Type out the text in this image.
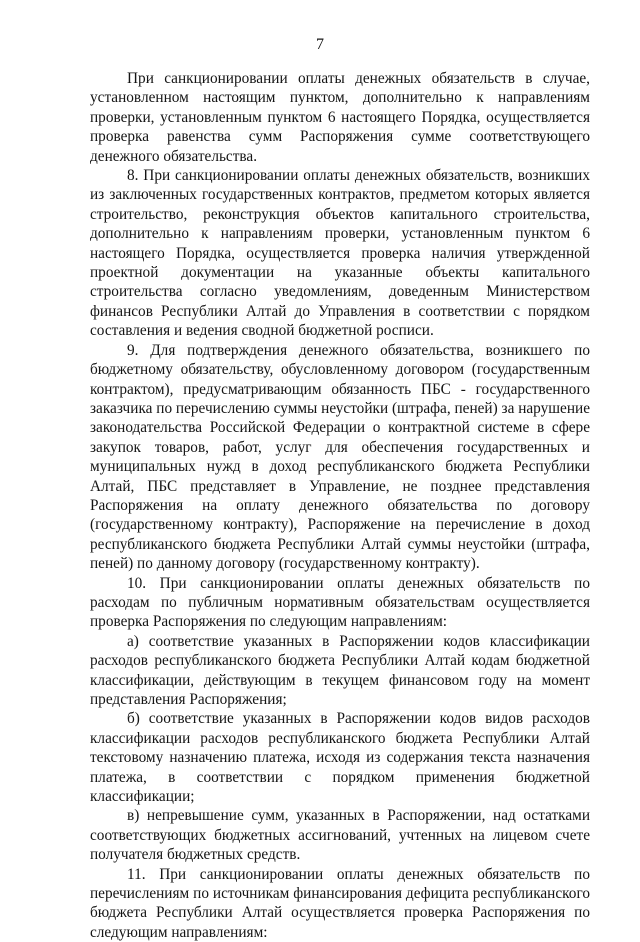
7

При санкционировании оплаты денежных обязательств в случае, установленном настоящим пунктом, дополнительно к направлениям проверки, установленным пунктом 6 настоящего Порядка, осуществляется проверка равенства сумм Распоряжения сумме соответствующего денежного обязательства.

8. При санкционировании оплаты денежных обязательств, возникших из заключенных государственных контрактов, предметом которых является строительство, реконструкция объектов капитального строительства, дополнительно к направлениям проверки, установленным пунктом 6 настоящего Порядка, осуществляется проверка наличия утвержденной проектной документации на указанные объекты капитального строительства согласно уведомлениям, доведенным Министерством финансов Республики Алтай до Управления в соответствии с порядком составления и ведения сводной бюджетной росписи.

9. Для подтверждения денежного обязательства, возникшего по бюджетному обязательству, обусловленному договором (государственным контрактом), предусматривающим обязанность ПБС - государственного заказчика по перечислению суммы неустойки (штрафа, пеней) за нарушение законодательства Российской Федерации о контрактной системе в сфере закупок товаров, работ, услуг для обеспечения государственных и муниципальных нужд в доход республиканского бюджета Республики Алтай, ПБС представляет в Управление, не позднее представления Распоряжения на оплату денежного обязательства по договору (государственному контракту), Распоряжение на перечисление в доход республиканского бюджета Республики Алтай суммы неустойки (штрафа, пеней) по данному договору (государственному контракту).

10. При санкционировании оплаты денежных обязательств по расходам по публичным нормативным обязательствам осуществляется проверка Распоряжения по следующим направлениям:

а) соответствие указанных в Распоряжении кодов классификации расходов республиканского бюджета Республики Алтай кодам бюджетной классификации, действующим в текущем финансовом году на момент представления Распоряжения;

б) соответствие указанных в Распоряжении кодов видов расходов классификации расходов республиканского бюджета Республики Алтай текстовому назначению платежа, исходя из содержания текста назначения платежа, в соответствии с порядком применения бюджетной классификации;

в) непревышение сумм, указанных в Распоряжении, над остатками соответствующих бюджетных ассигнований, учтенных на лицевом счете получателя бюджетных средств.

11. При санкционировании оплаты денежных обязательств по перечислениям по источникам финансирования дефицита республиканского бюджета Республики Алтай осуществляется проверка Распоряжения по следующим направлениям:
